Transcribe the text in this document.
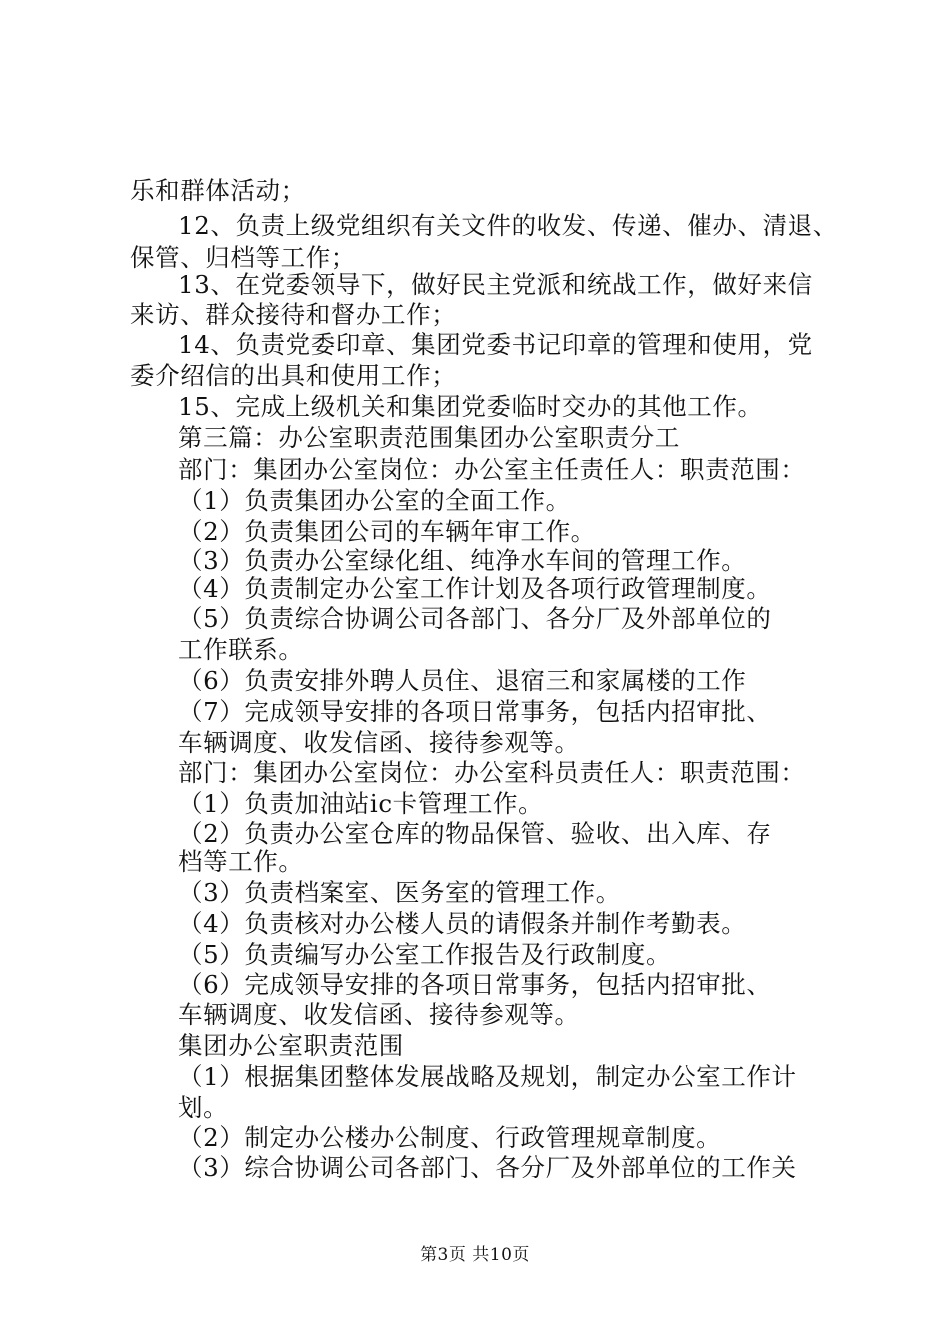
乐和群体活动；
12、负责上级党组织有关文件的收发、传递、催办、清退、
保管、归档等工作；
13、在党委领导下，做好民主党派和统战工作，做好来信
来访、群众接待和督办工作；
14、负责党委印章、集团党委书记印章的管理和使用，党
委介绍信的出具和使用工作；
15、完成上级机关和集团党委临时交办的其他工作。
第三篇：办公室职责范围集团办公室职责分工
部门：集团办公室岗位：办公室主任责任人：职责范围：
（1）负责集团办公室的全面工作。
（2）负责集团公司的车辆年审工作。
（3）负责办公室绿化组、纯净水车间的管理工作。
（4）负责制定办公室工作计划及各项行政管理制度。
（5）负责综合协调公司各部门、各分厂及外部单位的
工作联系。
（6）负责安排外聘人员住、退宿三和家属楼的工作
（7）完成领导安排的各项日常事务，包括内招审批、
车辆调度、收发信函、接待参观等。
部门：集团办公室岗位：办公室科员责任人：职责范围：
（1）负责加油站ic卡管理工作。
（2）负责办公室仓库的物品保管、验收、出入库、存
档等工作。
（3）负责档案室、医务室的管理工作。
（4）负责核对办公楼人员的请假条并制作考勤表。
（5）负责编写办公室工作报告及行政制度。
（6）完成领导安排的各项日常事务，包括内招审批、
车辆调度、收发信函、接待参观等。
集团办公室职责范围
（1）根据集团整体发展战略及规划，制定办公室工作计
划。
（2）制定办公楼办公制度、行政管理规章制度。
（3）综合协调公司各部门、各分厂及外部单位的工作关
第3页 共10页
